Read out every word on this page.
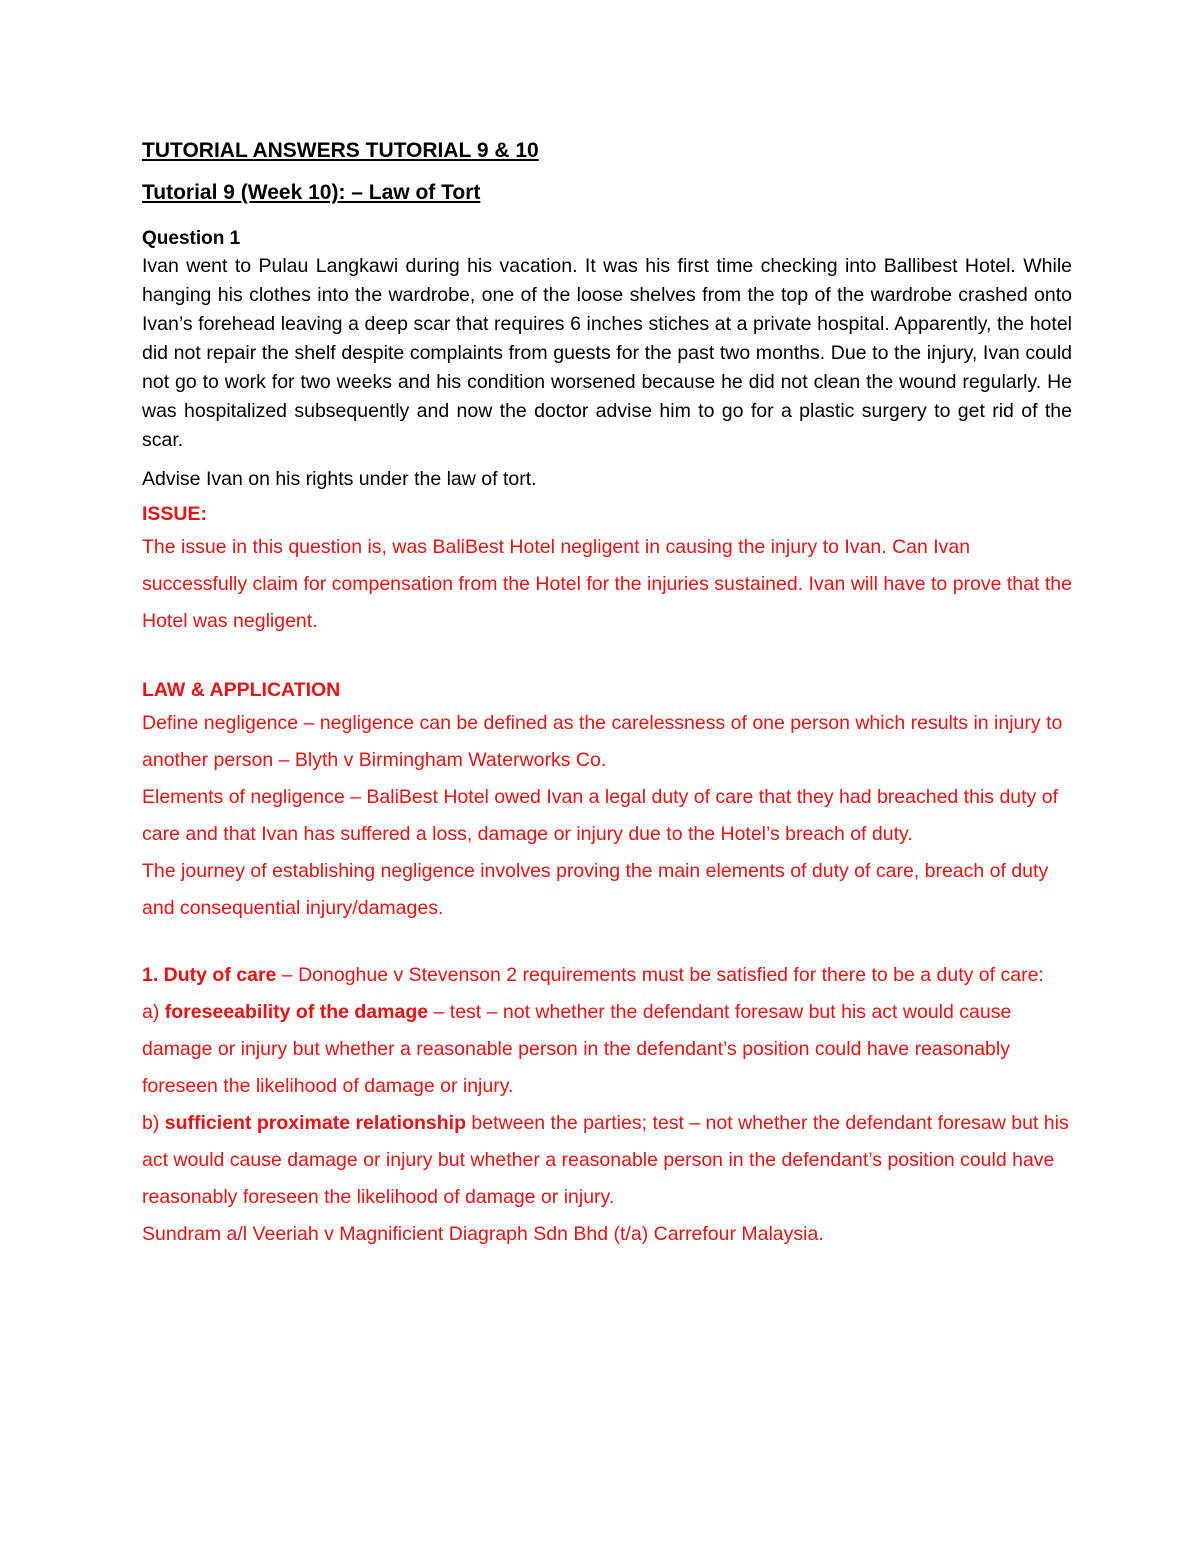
TUTORIAL ANSWERS TUTORIAL 9 & 10

Tutorial 9 (Week 10): – Law of Tort

Question 1

Ivan went to Pulau Langkawi during his vacation. It was his first time checking into Ballibest Hotel. While hanging his clothes into the wardrobe, one of the loose shelves from the top of the wardrobe crashed onto Ivan’s forehead leaving a deep scar that requires 6 inches stiches at a private hospital. Apparently, the hotel did not repair the shelf despite complaints from guests for the past two months. Due to the injury, Ivan could not go to work for two weeks and his condition worsened because he did not clean the wound regularly. He was hospitalized subsequently and now the doctor advise him to go for a plastic surgery to get rid of the scar.

Advise Ivan on his rights under the law of tort.

ISSUE:

The issue in this question is, was BaliBest Hotel negligent in causing the injury to Ivan. Can Ivan successfully claim for compensation from the Hotel for the injuries sustained. Ivan will have to prove that the Hotel was negligent.

LAW & APPLICATION

Define negligence – negligence can be defined as the carelessness of one person which results in injury to another person – Blyth v Birmingham Waterworks Co.

Elements of negligence – BaliBest Hotel owed Ivan a legal duty of care that they had breached this duty of care and that Ivan has suffered a loss, damage or injury due to the Hotel’s breach of duty.

The journey of establishing negligence involves proving the main elements of duty of care, breach of duty and consequential injury/damages.

1. Duty of care – Donoghue v Stevenson 2 requirements must be satisfied for there to be a duty of care:

a) foreseeability of the damage – test – not whether the defendant foresaw but his act would cause damage or injury but whether a reasonable person in the defendant’s position could have reasonably foreseen the likelihood of damage or injury.

b) sufficient proximate relationship between the parties; test – not whether the defendant foresaw but his act would cause damage or injury but whether a reasonable person in the defendant’s position could have reasonably foreseen the likelihood of damage or injury.

Sundram a/l Veeriah v Magnificient Diagraph Sdn Bhd (t/a) Carrefour Malaysia.
